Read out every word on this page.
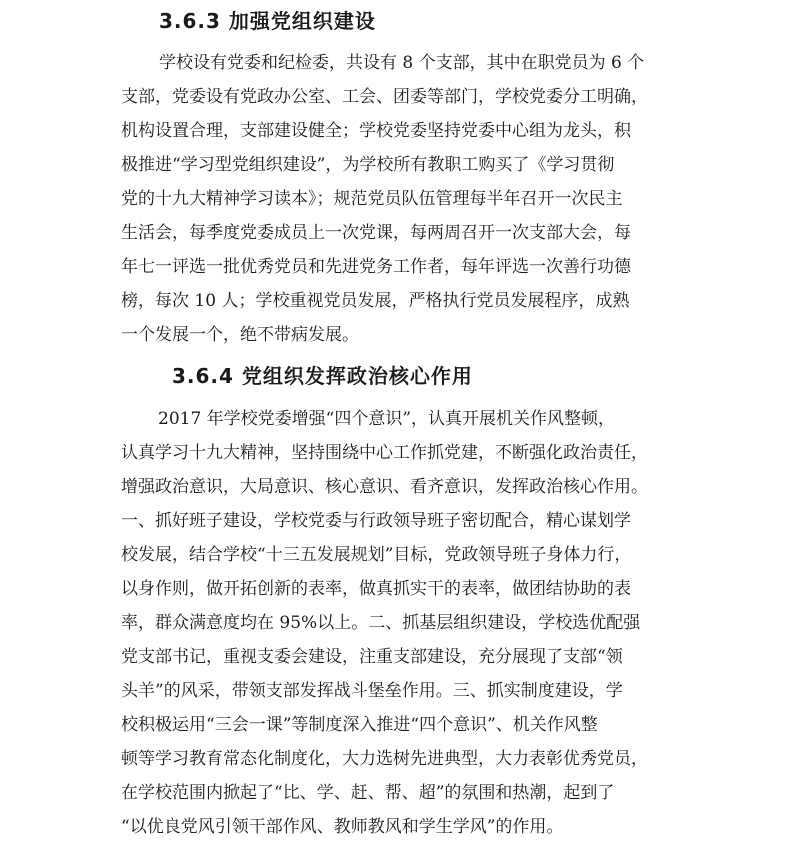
3.6.3 加强党组织建设
学校设有党委和纪检委，共设有 8 个支部，其中在职党员为 6 个
支部，党委设有党政办公室、工会、团委等部门，学校党委分工明确，
机构设置合理，支部建设健全；学校党委坚持党委中心组为龙头，积
极推进“学习型党组织建设”，为学校所有教职工购买了《学习贯彻
党的十九大精神学习读本》；规范党员队伍管理每半年召开一次民主
生活会，每季度党委成员上一次党课，每两周召开一次支部大会，每
年七一评选一批优秀党员和先进党务工作者，每年评选一次善行功德
榜，每次 10 人；学校重视党员发展，严格执行党员发展程序，成熟
一个发展一个，绝不带病发展。
3.6.4 党组织发挥政治核心作用
2017 年学校党委增强“四个意识”，认真开展机关作风整顿，
认真学习十九大精神，坚持围绕中心工作抓党建，不断强化政治责任，
增强政治意识，大局意识、核心意识、看齐意识，发挥政治核心作用。
一、抓好班子建设，学校党委与行政领导班子密切配合，精心谋划学
校发展，结合学校“十三五发展规划”目标，党政领导班子身体力行，
以身作则，做开拓创新的表率，做真抓实干的表率，做团结协助的表
率，群众满意度均在 95%以上。二、抓基层组织建设，学校选优配强
党支部书记，重视支委会建设，注重支部建设，充分展现了支部“领
头羊”的风采，带领支部发挥战斗堡垒作用。三、抓实制度建设，学
校积极运用“三会一课”等制度深入推进“四个意识”、机关作风整
顿等学习教育常态化制度化，大力选树先进典型，大力表彰优秀党员，
在学校范围内掀起了“比、学、赶、帮、超”的氛围和热潮，起到了
“以优良党风引领干部作风、教师教风和学生学风”的作用。
